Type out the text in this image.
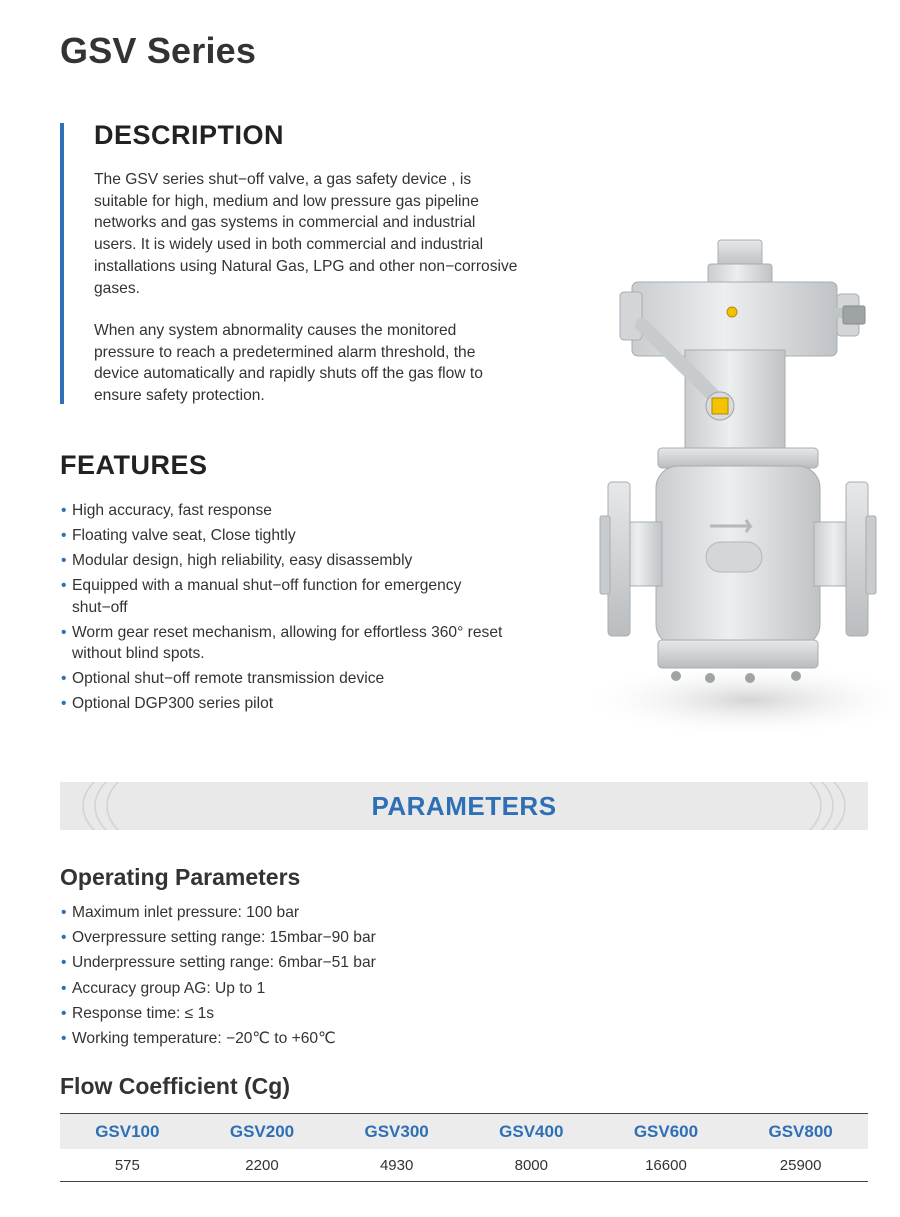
GSV Series
DESCRIPTION

The GSV series shut−off valve, a gas safety device , is suitable for high, medium and low pressure gas pipeline networks and gas systems in commercial and industrial users. It is widely used in both commercial and industrial installations using Natural Gas, LPG and other non−corrosive gases.

When any system abnormality causes the monitored pressure to reach a predetermined alarm threshold, the device automatically and rapidly shuts off the gas flow to ensure safety protection.

FEATURES
• High accuracy, fast response
• Floating valve seat, Close tightly
• Modular design, high reliability, easy disassembly
• Equipped with a manual shut−off function for emergency shut−off
• Worm gear reset mechanism, allowing for effortless 360° reset without blind spots.
• Optional shut−off remote transmission device
• Optional DGP300 series pilot
PARAMETERS
Operating Parameters
• Maximum inlet pressure: 100 bar
• Overpressure setting range: 15mbar−90 bar
• Underpressure setting range: 6mbar−51 bar
• Accuracy group AG: Up to 1
• Response time: ≤ 1s
• Working temperature: −20℃ to +60℃
Flow Coefficient (Cg)
GSV100	GSV200	GSV300	GSV400	GSV600	GSV800
575	2200	4930	8000	16600	25900
